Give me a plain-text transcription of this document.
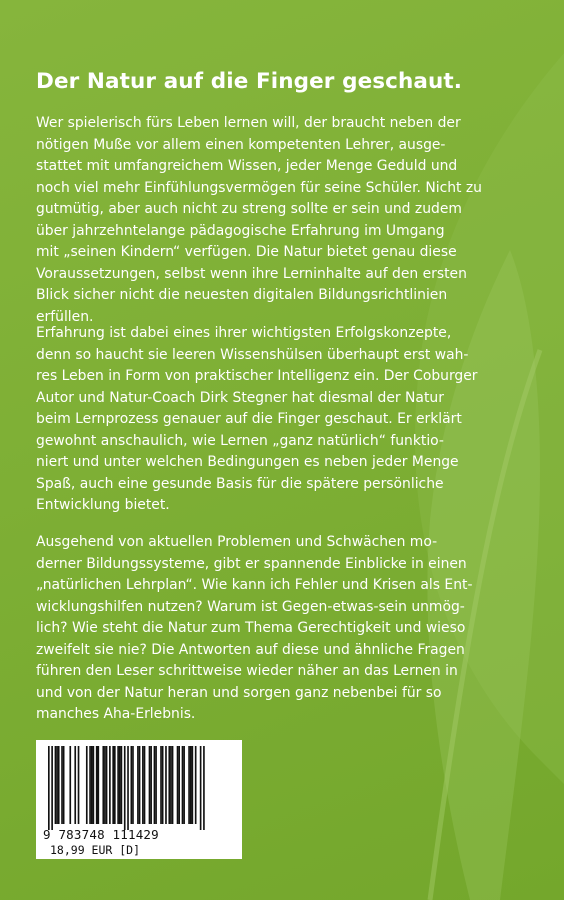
Der Natur auf die Finger geschaut.

Wer spielerisch fürs Leben lernen will, der braucht neben der
nötigen Muße vor allem einen kompetenten Lehrer, ausge-
stattet mit umfangreichem Wissen, jeder Menge Geduld und
noch viel mehr Einfühlungsvermögen für seine Schüler. Nicht zu
gutmütig, aber auch nicht zu streng sollte er sein und zudem
über jahrzehntelange pädagogische Erfahrung im Umgang
mit „seinen Kindern“ verfügen. Die Natur bietet genau diese
Voraussetzungen, selbst wenn ihre Lerninhalte auf den ersten
Blick sicher nicht die neuesten digitalen Bildungsrichtlinien
erfüllen.

Erfahrung ist dabei eines ihrer wichtigsten Erfolgskonzepte,
denn so haucht sie leeren Wissenshülsen überhaupt erst wah-
res Leben in Form von praktischer Intelligenz ein. Der Coburger
Autor und Natur-Coach Dirk Stegner hat diesmal der Natur
beim Lernprozess genauer auf die Finger geschaut. Er erklärt
gewohnt anschaulich, wie Lernen „ganz natürlich“ funktio-
niert und unter welchen Bedingungen es neben jeder Menge
Spaß, auch eine gesunde Basis für die spätere persönliche
Entwicklung bietet.

Ausgehend von aktuellen Problemen und Schwächen mo-
derner Bildungssysteme, gibt er spannende Einblicke in einen
„natürlichen Lehrplan“. Wie kann ich Fehler und Krisen als Ent-
wicklungshilfen nutzen? Warum ist Gegen-etwas-sein unmög-
lich? Wie steht die Natur zum Thema Gerechtigkeit und wieso
zweifelt sie nie? Die Antworten auf diese und ähnliche Fragen
führen den Leser schrittweise wieder näher an das Lernen in
und von der Natur heran und sorgen ganz nebenbei für so
manches Aha-Erlebnis.

9 783748 111429
18,99 EUR [D]
